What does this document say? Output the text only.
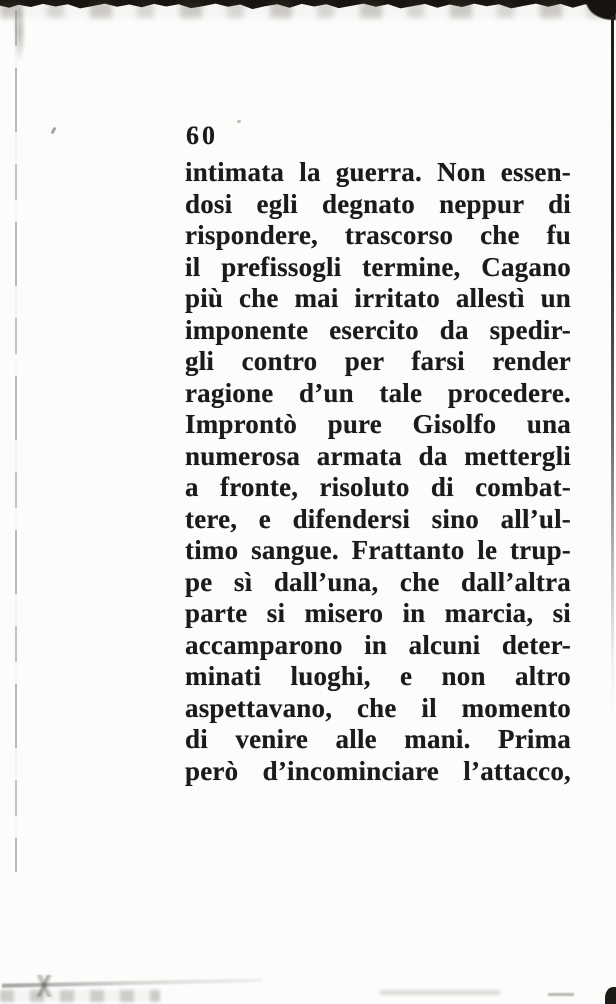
60
intimata la guerra. Non essen-
dosi egli degnato neppur di
rispondere, trascorso che fu
il prefissogli termine, Cagano
più che mai irritato allestì un
imponente esercito da spedir-
gli contro per farsi render
ragione d’un tale procedere.
Improntò pure Gisolfo una
numerosa armata da mettergli
a fronte, risoluto di combat-
tere, e difendersi sino all’ul-
timo sangue. Frattanto le trup-
pe sì dall’una, che dall’altra
parte si misero in marcia, si
accamparono in alcuni deter-
minati luoghi, e non altro
aspettavano, che il momento
di venire alle mani. Prima
però d’incominciare l’attacco,
